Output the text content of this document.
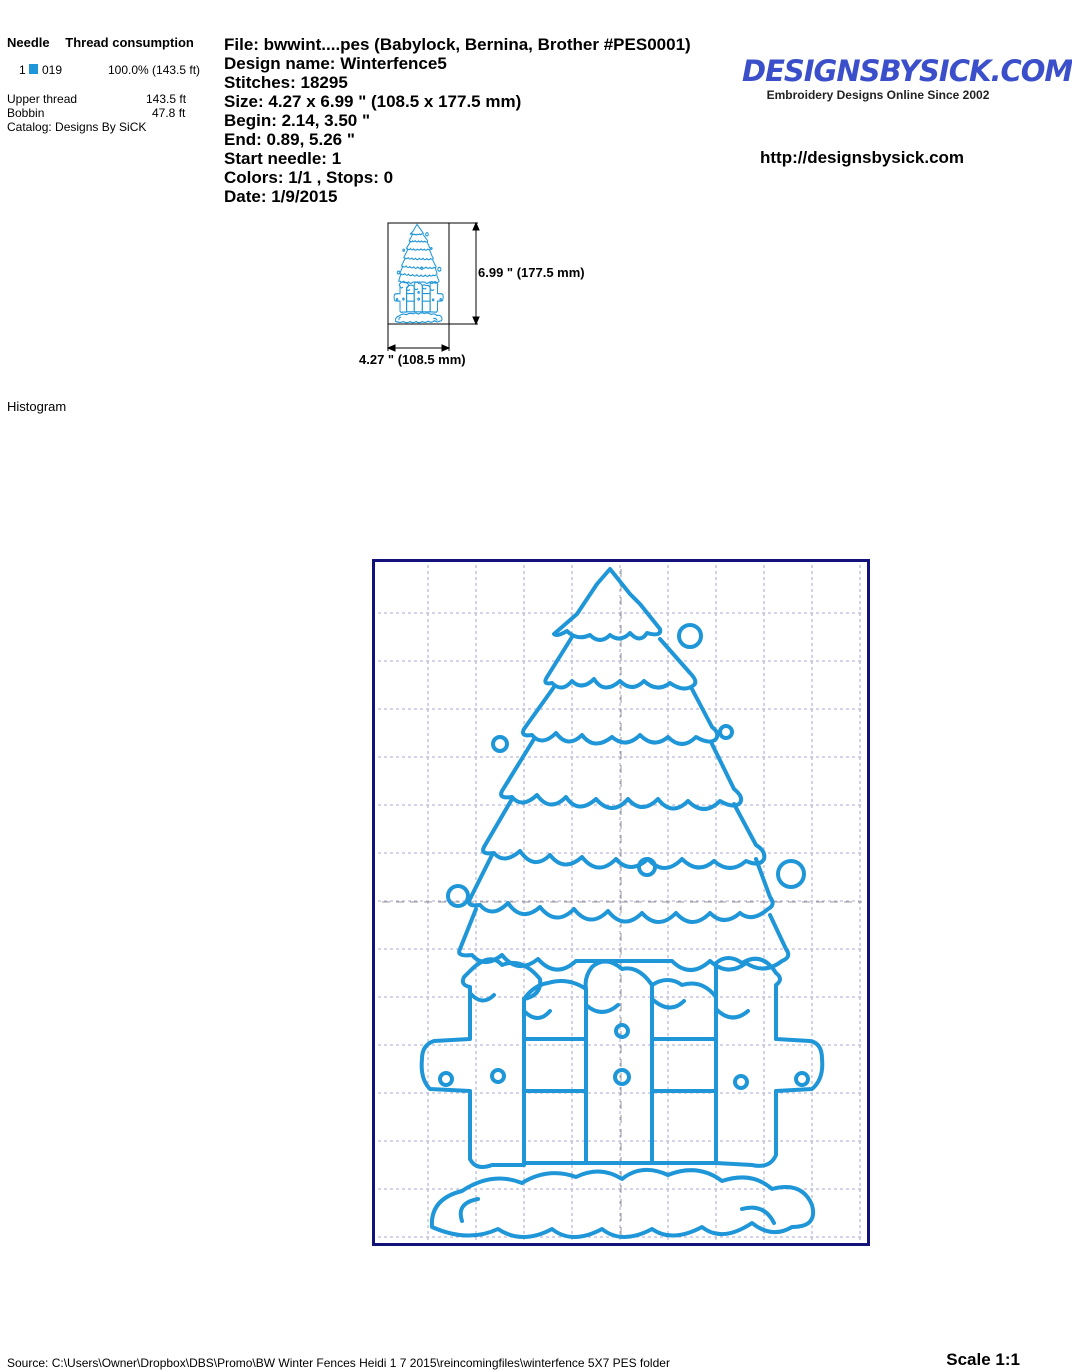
Needle Thread consumption
1 019	100.0% (143.5 ft)
Upper thread	143.5 ft
Bobbin	47.8 ft
Catalog: Designs By SiCK
File: bwwint....pes (Babylock, Bernina, Brother #PES0001)
Design name: Winterfence5
Stitches: 18295
Size: 4.27 x 6.99 " (108.5 x 177.5 mm)
Begin: 2.14, 3.50 "
End: 0.89, 5.26 "
Start needle: 1
Colors: 1/1 , Stops: 0
Date: 1/9/2015
DESIGNSBYSICK.COM
Embroidery Designs Online Since 2002
http://designsbysick.com
6.99 " (177.5 mm)
4.27 " (108.5 mm)
Histogram
Source: C:\Users\Owner\Dropbox\DBS\Promo\BW Winter Fences Heidi 1 7 2015\reincomingfiles\winterfence 5X7 PES folder	Scale 1:1
